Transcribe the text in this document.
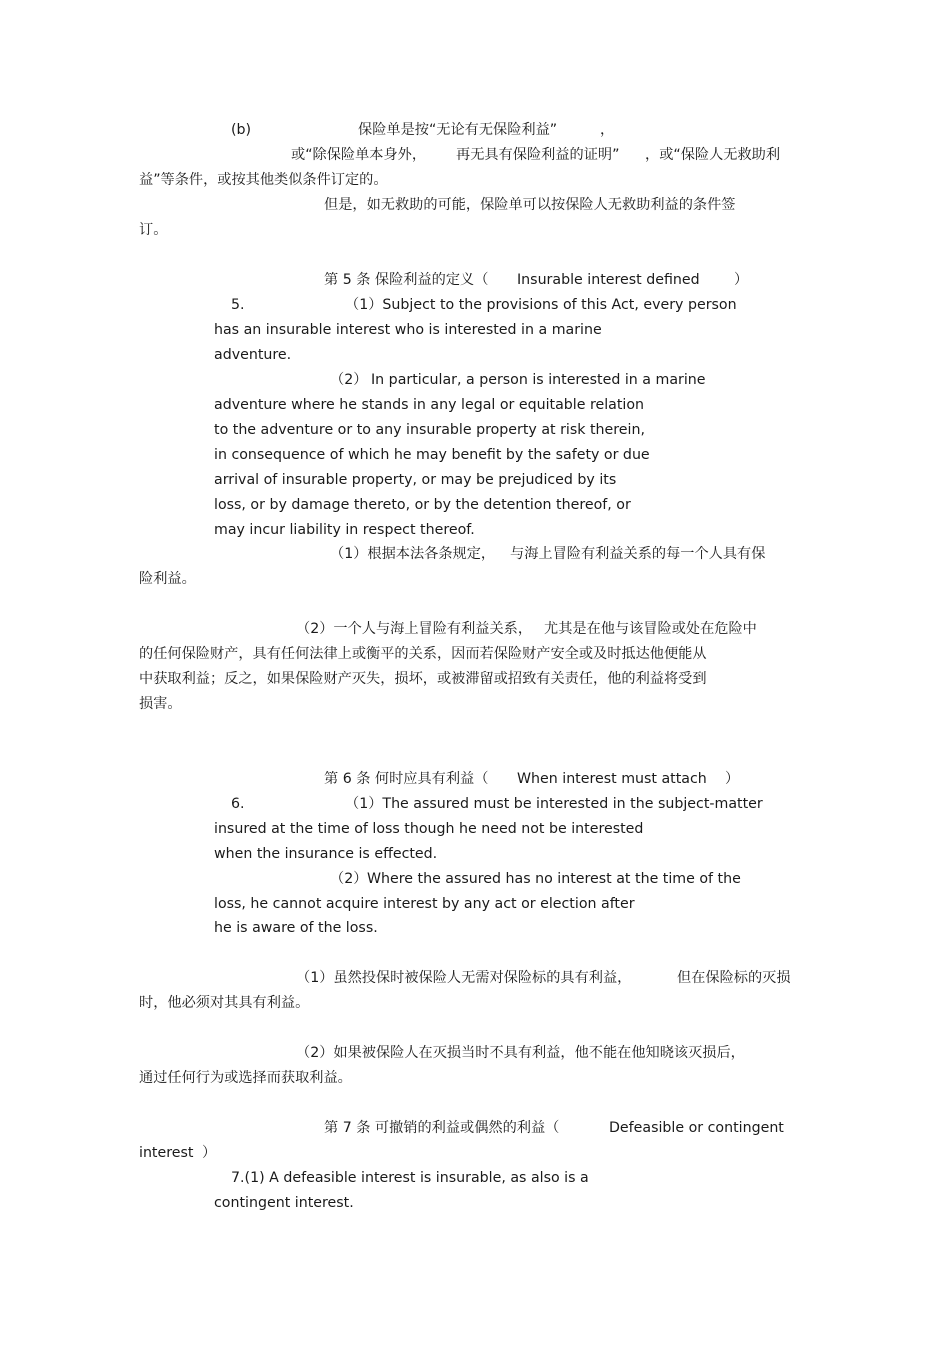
(b)	保险单是按“无论有无保险利益”	，
或“除保险单本身外， 再无具有保险利益的证明” ，或“保险人无救助利
益”等条件，或按其他类似条件订定的。
但是，如无救助的可能，保险单可以按保险人无救助利益的条件签
订。
第 5 条 保险利益的定义（ Insurable interest defined ）
5.	（1）Subject to the provisions of this Act, every person
has an insurable interest who is interested in a marine
adventure.
（2） In particular, a person is interested in a marine
adventure where he stands in any legal or equitable relation
to the adventure or to any insurable property at risk therein,
in consequence of which he may benefit by the safety or due
arrival of insurable property, or may be prejudiced by its
loss, or by damage thereto, or by the detention thereof, or
may incur liability in respect thereof.
（1）根据本法各条规定， 与海上冒险有利益关系的每一个人具有保
险利益。
（2）一个人与海上冒险有利益关系， 尤其是在他与该冒险或处在危险中
的任何保险财产，具有任何法律上或衡平的关系，因而若保险财产安全或及时抵达他便能从
中获取利益；反之，如果保险财产灭失，损坏，或被滞留或招致有关责任，他的利益将受到
损害。
第 6 条 何时应具有利益（ When interest must attach ）
6.	（1）The assured must be interested in the subject-matter
insured at the time of loss though he need not be interested
when the insurance is effected.
（2） Where the assured has no interest at the time of the
loss, he cannot acquire interest by any act or election after
he is aware of the loss.
（1）虽然投保时被保险人无需对保险标的具有利益，	但在保险标的灭损
时，他必须对其具有利益。
（2）如果被保险人在灭损当时不具有利益，他不能在他知晓该灭损后，
通过任何行为或选择而获取利益。
第 7 条 可撤销的利益或偶然的利益（	Defeasible or contingent
interest ）
7.(1) A defeasible interest is insurable, as also is a
contingent interest.
